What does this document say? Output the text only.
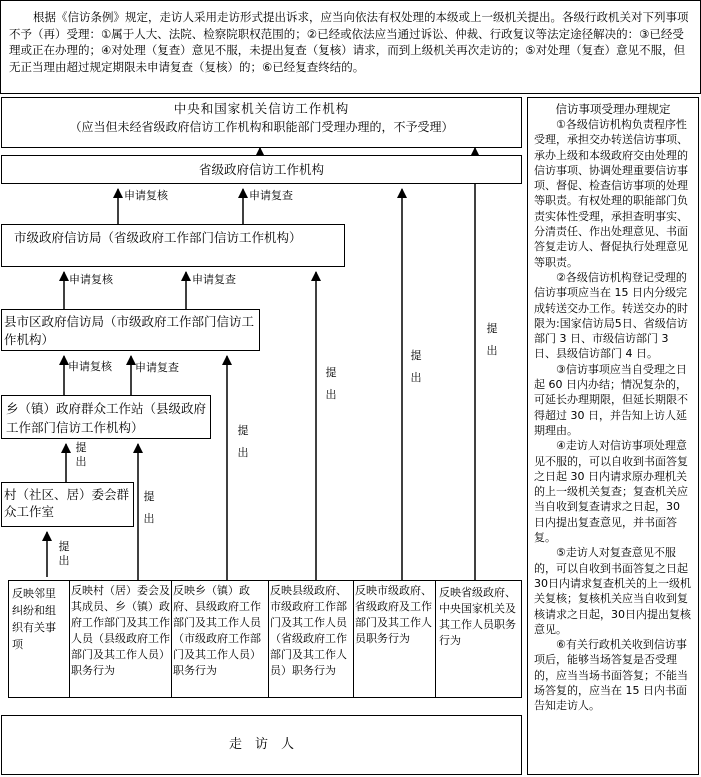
根据《信访条例》规定，走访人采用走访形式提出诉求，应当向依法有权处理的本级或上一级机关提出。各级行政机关对下列事项不予（再）受理：①属于人大、法院、检察院职权范围的；②已经或依法应当通过诉讼、仲裁、行政复议等法定途径解决的：③已经受理或正在办理的；④对处理（复查）意见不服，未提出复查（复核）请求，而到上级机关再次走访的；⑤对处理（复查）意见不服，但无正当理由超过规定期限未申请复查（复核）的；⑥已经复查终结的。

中央和国家机关信访工作机构
（应当但未经省级政府信访工作机构和职能部门受理办理的，不予受理）
省级政府信访工作机构
市级政府信访局（省级政府工作部门信访工作机构）
县市区政府信访局（市级政府工作部门信访工作机构）
乡（镇）政府群众工作站（县级政府工作部门信访工作机构）
村（社区、居）委会群众工作室
申请复核	申请复查
申请复核	申请复查
申请复核 申请复查
提出
提出
提出
提出
提出
提出
提出
反映邻里纠纷和组织有关事项
反映村（居）委会及其成员、乡（镇）政府工作部门及其工作人员（县级政府工作部门及其工作人员）职务行为
反映乡（镇）政府、县级政府工作部门及其工作人员（市级政府工作部门及其工作人员）职务行为
反映县级政府、市级政府工作部门及其工作人员（省级政府工作部门及其工作人员）职务行为
反映市级政府、省级政府及工作部门及其工作人员职务行为
反映省级政府、中央国家机关及其工作人员职务行为
走　访　人
信访事项受理办理规定

①各级信访机构负责程序性受理，承担交办转送信访事项、承办上级和本级政府交由处理的信访事项、协调处理重要信访事项、督促、检查信访事项的处理等职责。有权处理的职能部门负责实体性受理，承担查明事实、分清责任、作出处理意见、书面答复走访人、督促执行处理意见等职责。

②各级信访机构登记受理的信访事项应当在 15 日内分级完成转送交办工作。转送交办的时限为:国家信访局5日、省级信访部门 3 日、市级信访部门 3 日、县级信访部门 4 日。

③信访事项应当自受理之日起 60 日内办结；情况复杂的，可延长办理期限，但延长期限不得超过 30 日，并告知上访人延期理由。

④走访人对信访事项处理意见不服的，可以自收到书面答复之日起 30 日内请求原办理机关的上一级机关复查；复查机关应当自收到复查请求之日起，30 日内提出复查意见，并书面答复。

⑤走访人对复查意见不服的，可以自收到书面答复之日起30日内请求复查机关的上一级机关复核；复核机关应当自收到复核请求之日起，30日内提出复核意见。

⑥有关行政机关收到信访事项后，能够当场答复是否受理的，应当当场书面答复；不能当场答复的，应当在 15 日内书面告知走访人。
